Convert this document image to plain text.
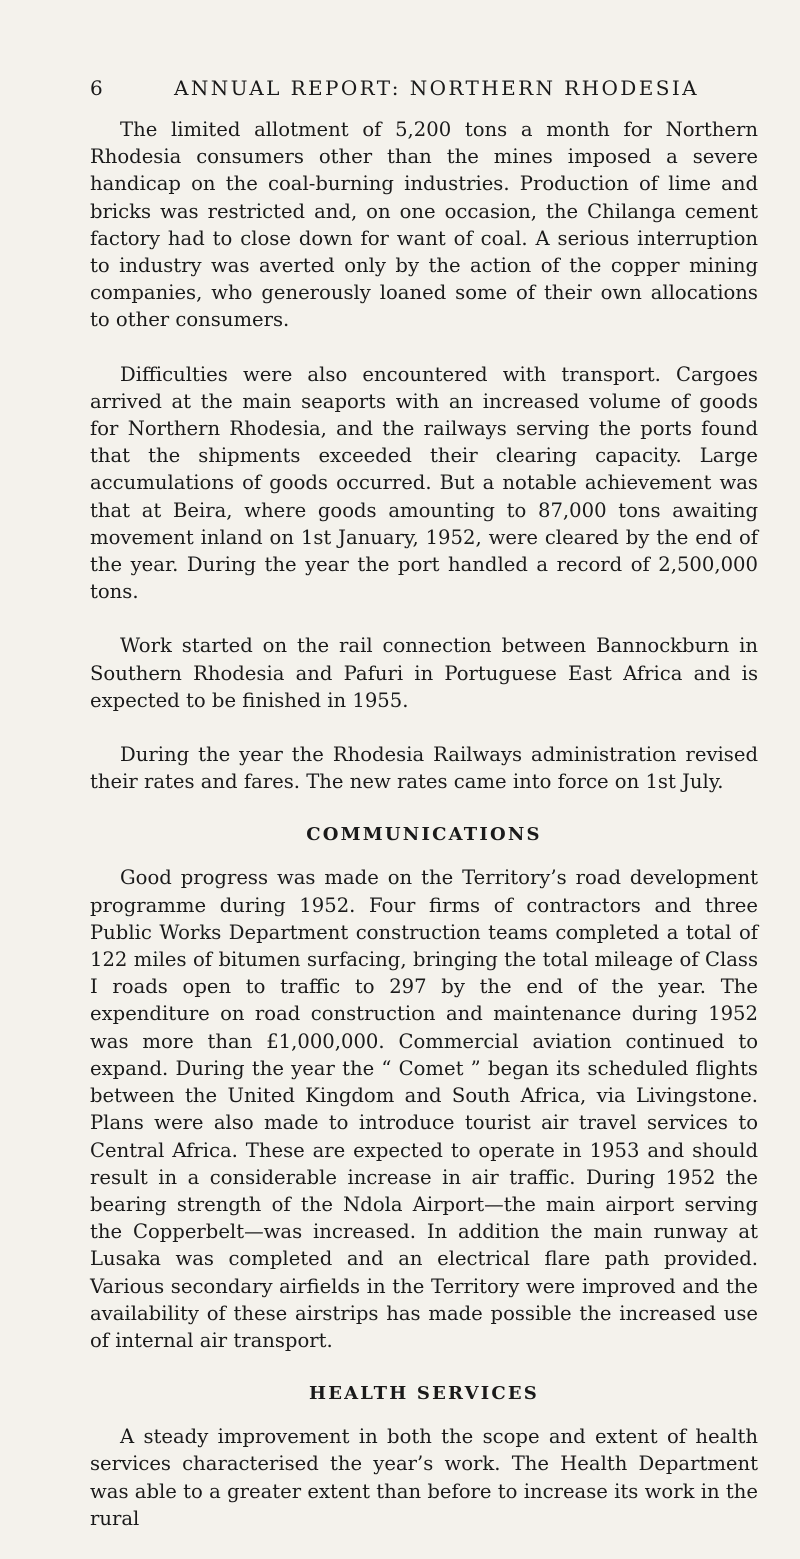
6	ANNUAL REPORT: NORTHERN RHODESIA

The limited allotment of 5,200 tons a month for Northern Rhodesia consumers other than the mines imposed a severe handicap on the coal-burning industries. Production of lime and bricks was restricted and, on one occasion, the Chilanga cement factory had to close down for want of coal. A serious interruption to industry was averted only by the action of the copper mining companies, who generously loaned some of their own allocations to other consumers.

Difficulties were also encountered with transport. Cargoes arrived at the main seaports with an increased volume of goods for Northern Rhodesia, and the railways serving the ports found that the shipments exceeded their clearing capacity. Large accumulations of goods occurred. But a notable achievement was that at Beira, where goods amounting to 87,000 tons awaiting movement inland on 1st January, 1952, were cleared by the end of the year. During the year the port handled a record of 2,500,000 tons.

Work started on the rail connection between Bannockburn in Southern Rhodesia and Pafuri in Portuguese East Africa and is expected to be finished in 1955.

During the year the Rhodesia Railways administration revised their rates and fares. The new rates came into force on 1st July.

COMMUNICATIONS

Good progress was made on the Territory’s road development programme during 1952. Four firms of contractors and three Public Works Department construction teams completed a total of 122 miles of bitumen surfacing, bringing the total mileage of Class I roads open to traffic to 297 by the end of the year. The expenditure on road construction and maintenance during 1952 was more than £1,000,000. Commercial aviation continued to expand. During the year the “ Comet ” began its scheduled flights between the United Kingdom and South Africa, via Livingstone. Plans were also made to introduce tourist air travel services to Central Africa. These are expected to operate in 1953 and should result in a considerable increase in air traffic. During 1952 the bearing strength of the Ndola Airport—the main airport serving the Copperbelt—was increased. In addition the main runway at Lusaka was completed and an electrical flare path provided. Various secondary airfields in the Territory were improved and the availability of these airstrips has made possible the increased use of internal air transport.

HEALTH SERVICES

A steady improvement in both the scope and extent of health services characterised the year’s work. The Health Department was able to a greater extent than before to increase its work in the rural
